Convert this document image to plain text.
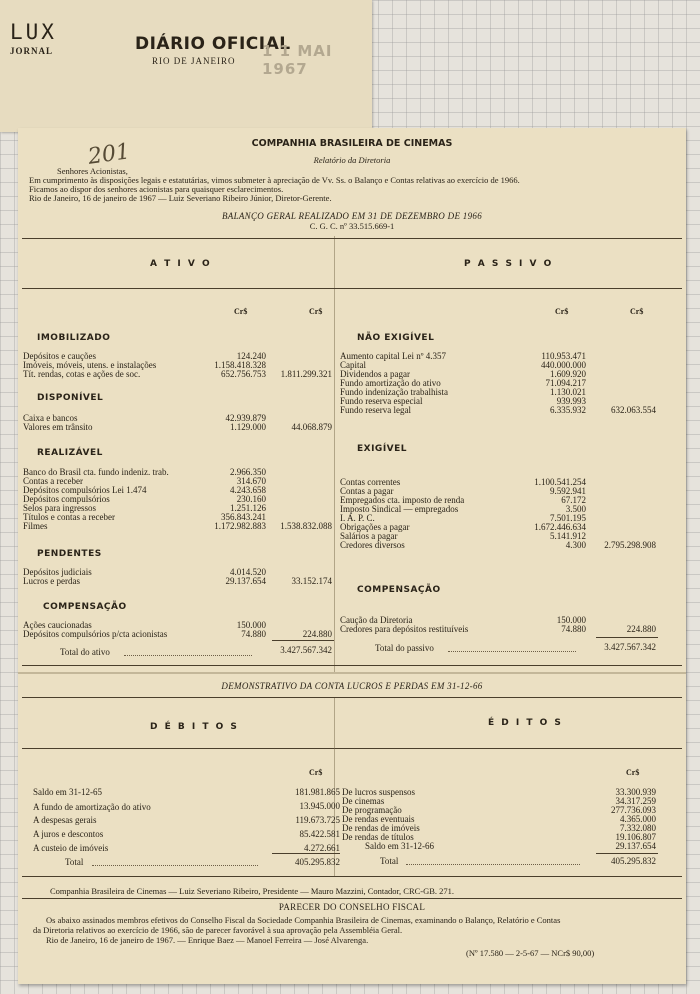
LUX
JORNAL	DIÁRIO OFICIAL
RIO DE JANEIRO
1 1 MAI 1967
201	COMPANHIA BRASILEIRA DE CINEMAS
Relatório da Diretoria
Senhores Acionistas,
Em cumprimento às disposições legais e estatutárias, vimos submeter à apreciação de Vv. Ss. o Balanço e Contas relativas ao exercício de 1966.
Ficamos ao dispor dos senhores acionistas para quaisquer esclarecimentos.
Rio de Janeiro, 16 de janeiro de 1967 — Luiz Severiano Ribeiro Júnior, Diretor-Gerente.
BALANÇO GERAL REALIZADO EM 31 DE DEZEMBRO DE 1966
C. G. C. nº 33.515.669-1
A T I V O	P A S S I V O
Cr$	Cr$	Cr$	Cr$
IMOBILIZADO
Depósitos e cauções	124.240
Imóveis, móveis, utens. e instalações	1.158.418.328
Tít. rendas, cotas e ações de soc.	652.756.753	1.811.299.321
DISPONÍVEL
Caixa e bancos	42.939.879
Valores em trânsito	1.129.000	44.068.879
REALIZÁVEL
Banco do Brasil cta. fundo indeniz. trab.	2.966.350
Contas a receber	314.670
Depósitos compulsórios Lei 1.474	4.243.658
Depósitos compulsórios	230.160
Selos para ingressos	1.251.126
Títulos e contas a receber	356.843.241
Filmes	1.172.982.883	1.538.832.088
PENDENTES
Depósitos judiciais	4.014.520
Lucros e perdas	29.137.654	33.152.174
COMPENSAÇÃO
Ações caucionadas	150.000
Depósitos compulsórios p/cta acionistas	74.880	224.880
Total do ativo	3.427.567.342
NÃO EXIGÍVEL
Aumento capital Lei nº 4.357	110.953.471
Capital	440.000.000
Dividendos a pagar	1.609.920
Fundo amortização do ativo	71.094.217
Fundo indenização trabalhista	1.130.021
Fundo reserva especial	939.993
Fundo reserva legal	6.335.932	632.063.554
EXIGÍVEL
Contas correntes	1.100.541.254
Contas a pagar	9.592.941
Empregados cta. imposto de renda	67.172
Imposto Sindical — empregados	3.500
I. A. P. C.	7.501.195
Obrigações a pagar	1.672.446.634
Salários a pagar	5.141.912
Credores diversos	4.300	2.795.298.908
COMPENSAÇÃO
Caução da Diretoria	150.000
Credores para depósitos restituíveis	74.880	224.880
Total do passivo	3.427.567.342
DEMONSTRATIVO DA CONTA LUCROS E PERDAS EM 31-12-66
D É B I T O S	É D I T O S
Cr$	Cr$
Saldo em 31-12-65	181.981.865
A fundo de amortização do ativo	13.945.000
A despesas gerais	119.673.725
A juros e descontos	85.422.581
A custeio de imóveis	4.272.661
Total	405.295.832
De lucros suspensos	33.300.939
De cinemas	34.317.259
De programação	277.736.093
De rendas eventuais	4.365.000
De rendas de imóveis	7.332.080
De rendas de títulos	19.106.807
Saldo em 31-12-66	29.137.654
Total	405.295.832
Companhia Brasileira de Cinemas — Luiz Severiano Ribeiro, Presidente — Mauro Mazzini, Contador, CRC-GB. 271.
PARECER DO CONSELHO FISCAL
Os abaixo assinados membros efetivos do Conselho Fiscal da Sociedade Companhia Brasileira de Cinemas, examinando o Balanço, Relatório e Contas
da Diretoria relativos ao exercício de 1966, são de parecer favorável à sua aprovação pela Assembléia Geral.
Rio de Janeiro, 16 de janeiro de 1967. — Enrique Baez — Manoel Ferreira — José Alvarenga.
(Nº 17.580 — 2-5-67 — NCr$ 90,00)
